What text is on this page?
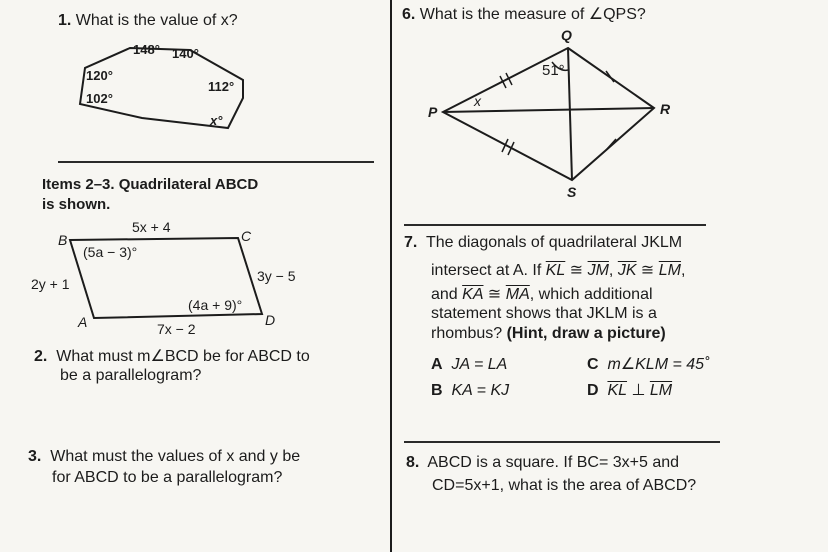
1. What is the value of x?
148° 140°
120°
102°
112°
x°
Items 2–3. Quadrilateral ABCD
is shown.
B	C
D
A
5x + 4
2y + 1	3y − 5
7x − 2
(5a − 3)°
(4a + 9)°
2. What must m∠BCD be for ABCD to
be a parallelogram?
3. What must the values of x and y be
for ABCD to be a parallelogram?
6. What is the measure of ∠QPS?
Q
P	R
S
51°
x
7. The diagonals of quadrilateral JKLM
intersect at A. If $\overline{KL}$ ≅ $\overline{JM}$, $\overline{JK}$ ≅ $\overline{LM}$,
and $\overline{KA}$ ≅ $\overline{MA}$, which additional
statement shows that JKLM is a
rhombus? (Hint, draw a picture)
A JA = LA
B KA = KJ
C m∠KLM = 45˚
D $\overline{KL}$ ⊥ $\overline{LM}$
8. ABCD is a square. If BC= 3x+5 and
CD=5x+1, what is the area of ABCD?
